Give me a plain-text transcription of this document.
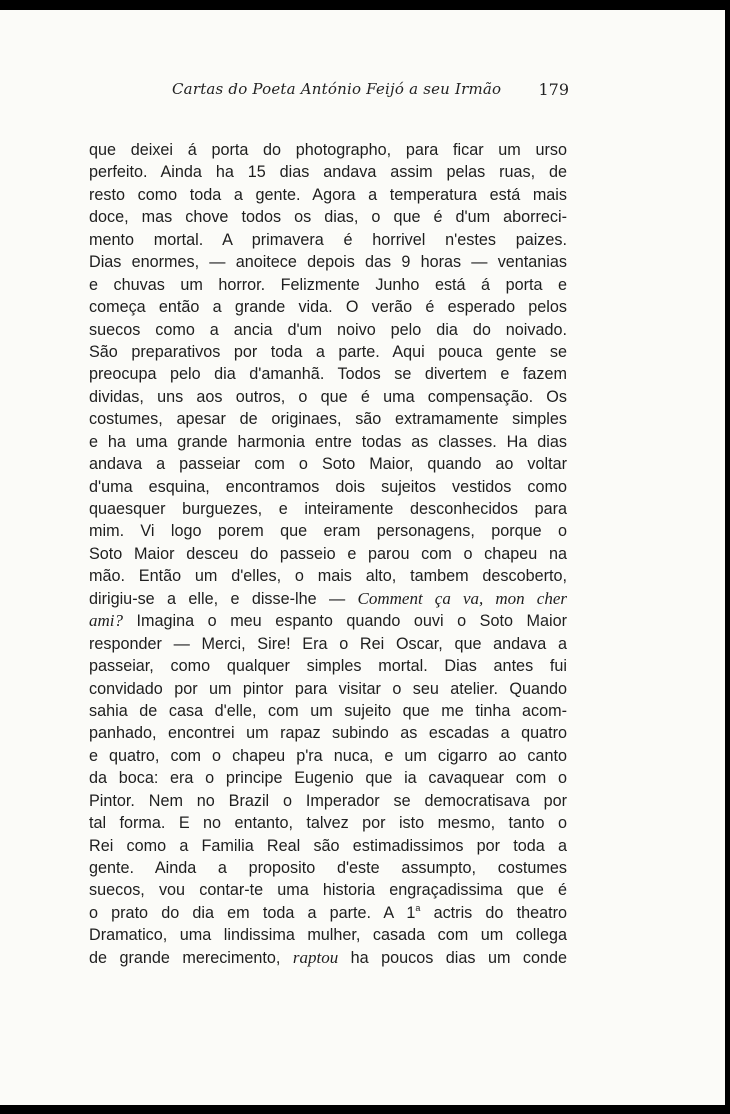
Cartas do Poeta António Feijó a seu Irmão 179
que deixei á porta do photographo, para ficar um urso
perfeito. Ainda ha 15 dias andava assim pelas ruas, de
resto como toda a gente. Agora a temperatura está mais
doce, mas chove todos os dias, o que é d'um aborreci-
mento mortal. A primavera é horrivel n'estes paizes.
Dias enormes, — anoitece depois das 9 horas — ventanias
e chuvas um horror. Felizmente Junho está á porta e
começa então a grande vida. O verão é esperado pelos
suecos como a ancia d'um noivo pelo dia do noivado.
São preparativos por toda a parte. Aqui pouca gente se
preocupa pelo dia d'amanhã. Todos se divertem e fazem
dividas, uns aos outros, o que é uma compensação. Os
costumes, apesar de originaes, são extramamente simples
e ha uma grande harmonia entre todas as classes. Ha dias
andava a passeiar com o Soto Maior, quando ao voltar
d'uma esquina, encontramos dois sujeitos vestidos como
quaesquer burguezes, e inteiramente desconhecidos para
mim. Vi logo porem que eram personagens, porque o
Soto Maior desceu do passeio e parou com o chapeu na
mão. Então um d'elles, o mais alto, tambem descoberto,
dirigiu-se a elle, e disse-lhe — Comment ça va, mon cher
ami? Imagina o meu espanto quando ouvi o Soto Maior
responder — Merci, Sire! Era o Rei Oscar, que andava a
passeiar, como qualquer simples mortal. Dias antes fui
convidado por um pintor para visitar o seu atelier. Quando
sahia de casa d'elle, com um sujeito que me tinha acom-
panhado, encontrei um rapaz subindo as escadas a quatro
e quatro, com o chapeu p'ra nuca, e um cigarro ao canto
da boca: era o principe Eugenio que ia cavaquear com o
Pintor. Nem no Brazil o Imperador se democratisava por
tal forma. E no entanto, talvez por isto mesmo, tanto o
Rei como a Familia Real são estimadissimos por toda a
gente. Ainda a proposito d'este assumpto, costumes
suecos, vou contar-te uma historia engraçadissima que é
o prato do dia em toda a parte. A 1$^a$ actris do theatro
Dramatico, uma lindissima mulher, casada com um collega
de grande merecimento, raptou ha poucos dias um conde
